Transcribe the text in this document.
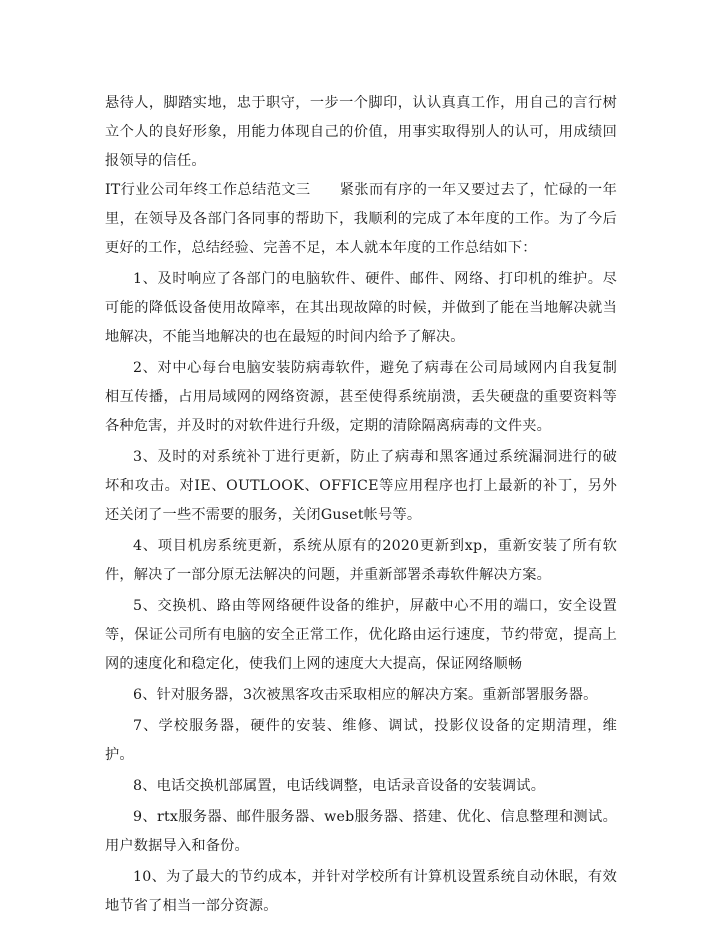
悬待人，脚踏实地，忠于职守，一步一个脚印，认认真真工作，用自己的言行树立个人的良好形象，用能力体现自己的价值，用事实取得别人的认可，用成绩回报领导的信任。

IT行业公司年终工作总结范文三　　紧张而有序的一年又要过去了，忙碌的一年里，在领导及各部门各同事的帮助下，我顺利的完成了本年度的工作。为了今后更好的工作，总结经验、完善不足，本人就本年度的工作总结如下：

1、及时响应了各部门的电脑软件、硬件、邮件、网络、打印机的维护。尽可能的降低设备使用故障率，在其出现故障的时候，并做到了能在当地解决就当地解决，不能当地解决的也在最短的时间内给予了解决。

2、对中心每台电脑安装防病毒软件，避免了病毒在公司局域网内自我复制相互传播，占用局域网的网络资源，甚至使得系统崩溃，丢失硬盘的重要资料等各种危害，并及时的对软件进行升级，定期的清除隔离病毒的文件夹。

3、及时的对系统补丁进行更新，防止了病毒和黑客通过系统漏洞进行的破坏和攻击。对IE、OUTLOOK、OFFICE等应用程序也打上最新的补丁，另外还关闭了一些不需要的服务，关闭Guset帐号等。

4、项目机房系统更新，系统从原有的2020更新到xp，重新安装了所有软件，解决了一部分原无法解决的问题，并重新部署杀毒软件解决方案。

5、交换机、路由等网络硬件设备的维护，屏蔽中心不用的端口，安全设置等，保证公司所有电脑的安全正常工作，优化路由运行速度，节约带宽，提高上网的速度化和稳定化，使我们上网的速度大大提高，保证网络顺畅

6、针对服务器，3次被黑客攻击采取相应的解决方案。重新部署服务器。

7、学校服务器，硬件的安装、维修、调试，投影仪设备的定期清理，维护。

8、电话交换机部属置，电话线调整，电话录音设备的安装调试。

9、rtx服务器、邮件服务器、web服务器、搭建、优化、信息整理和测试。用户数据导入和备份。

10、为了最大的节约成本，并针对学校所有计算机设置系统自动休眠，有效地节省了相当一部分资源。
